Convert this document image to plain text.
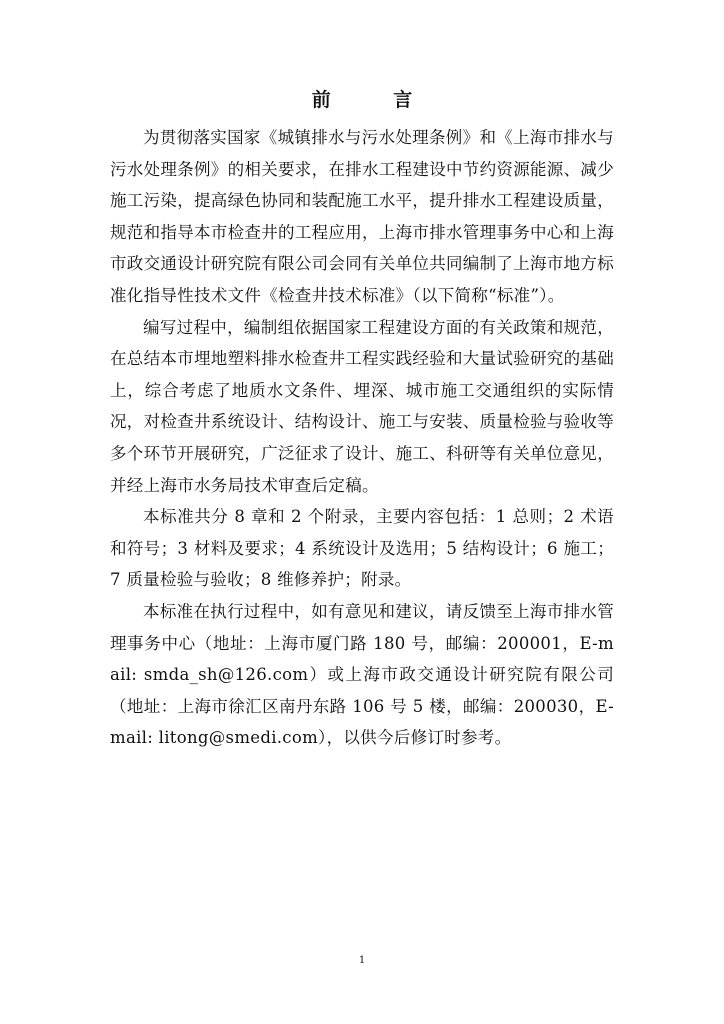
前 言

为贯彻落实国家《城镇排水与污水处理条例》和《上海市排水与污水处理条例》的相关要求，在排水工程建设中节约资源能源、减少施工污染，提高绿色协同和装配施工水平，提升排水工程建设质量，规范和指导本市检查井的工程应用，上海市排水管理事务中心和上海市政交通设计研究院有限公司会同有关单位共同编制了上海市地方标准化指导性技术文件《检查井技术标准》（以下简称“标准”）。

编写过程中，编制组依据国家工程建设方面的有关政策和规范，在总结本市埋地塑料排水检查井工程实践经验和大量试验研究的基础上，综合考虑了地质水文条件、埋深、城市施工交通组织的实际情况，对检查井系统设计、结构设计、施工与安装、质量检验与验收等多个环节开展研究，广泛征求了设计、施工、科研等有关单位意见，并经上海市水务局技术审查后定稿。

本标准共分 8 章和 2 个附录，主要内容包括：1 总则；2 术语和符号；3 材料及要求；4 系统设计及选用；5 结构设计；6 施工；7 质量检验与验收；8 维修养护；附录。

本标准在执行过程中，如有意见和建议，请反馈至上海市排水管理事务中心（地址：上海市厦门路 180 号，邮编：200001，E-mail: smda_sh@126.com）或上海市政交通设计研究院有限公司（地址：上海市徐汇区南丹东路 106 号 5 楼，邮编：200030，E-mail: litong@smedi.com），以供今后修订时参考。

1
